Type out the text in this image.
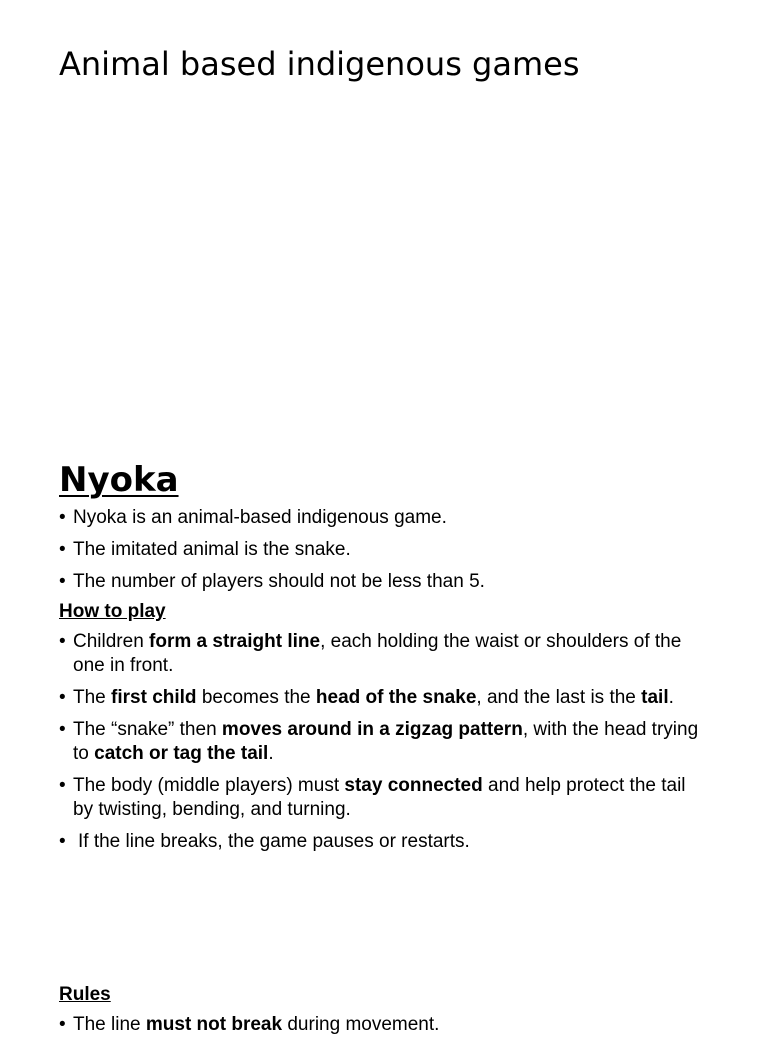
Animal based indigenous games
Nyoka
• Nyoka is an animal-based indigenous game.
• The imitated animal is the snake.
• The number of players should not be less than 5.
How to play
• Children form a straight line, each holding the waist or shoulders of the one in front.
• The first child becomes the head of the snake, and the last is the tail.
• The “snake” then moves around in a zigzag pattern, with the head trying to catch or tag the tail.
• The body (middle players) must stay connected and help protect the tail by twisting, bending, and turning.
• If the line breaks, the game pauses or restarts.
Rules
• The line must not break during movement.
